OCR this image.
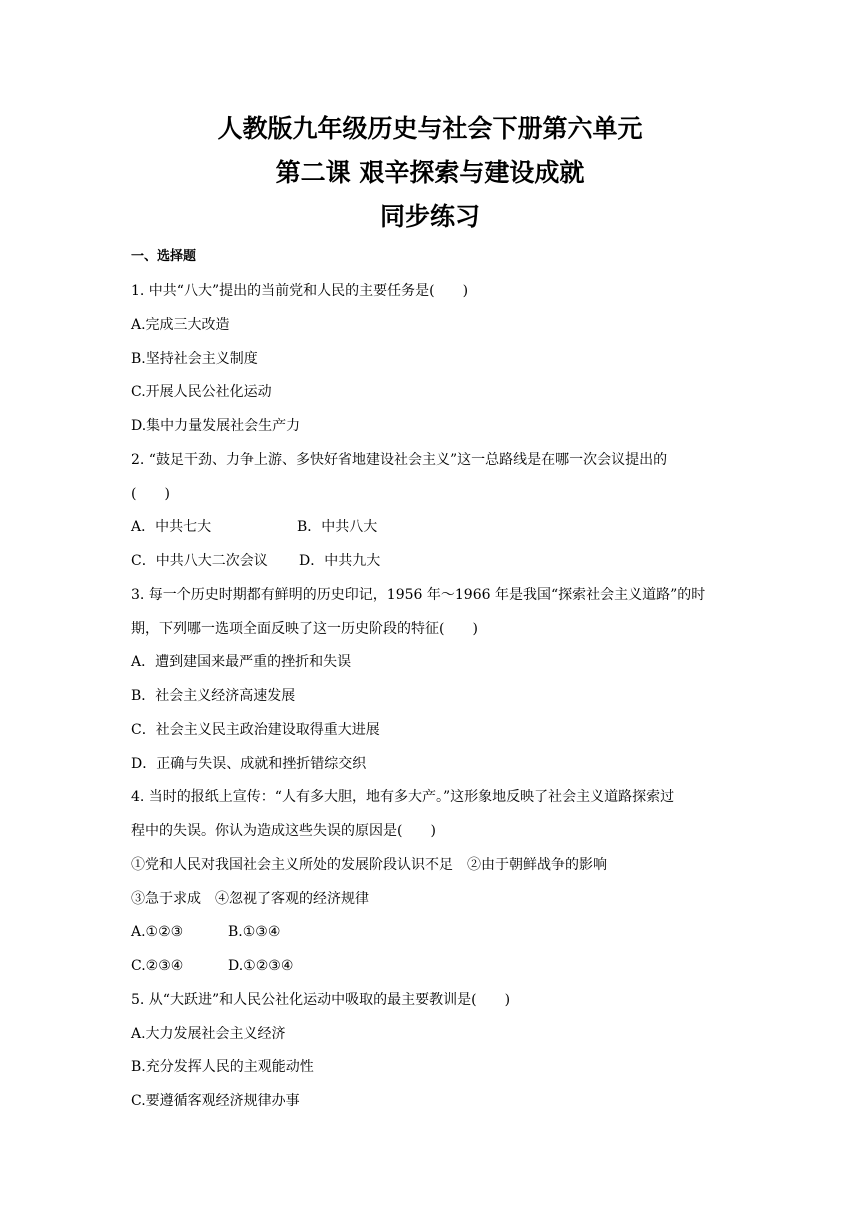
人教版九年级历史与社会下册第六单元
第二课 艰辛探索与建设成就
同步练习
一、选择题
1. 中共“八大”提出的当前党和人民的主要任务是(　　)
A.完成三大改造
B.坚持社会主义制度
C.开展人民公社化运动
D.集中力量发展社会生产力
2. “鼓足干劲、力争上游、多快好省地建设社会主义”这一总路线是在哪一次会议提出的
(　　)
A．中共七大	B．中共八大
C．中共八大二次会议 D．中共九大
3. 每一个历史时期都有鲜明的历史印记，1956 年～1966 年是我国“探索社会主义道路”的时
期，下列哪一选项全面反映了这一历史阶段的特征(　　)
A．遭到建国来最严重的挫折和失误
B．社会主义经济高速发展
C．社会主义民主政治建设取得重大进展
D．正确与失误、成就和挫折错综交织
4. 当时的报纸上宣传：“人有多大胆，地有多大产。”这形象地反映了社会主义道路探索过
程中的失误。你认为造成这些失误的原因是(　　)
①党和人民对我国社会主义所处的发展阶段认识不足　②由于朝鲜战争的影响
③急于求成　④忽视了客观的经济规律
A.①②③	B.①③④
C.②③④	D.①②③④
5. 从“大跃进”和人民公社化运动中吸取的最主要教训是(　　)
A.大力发展社会主义经济
B.充分发挥人民的主观能动性
C.要遵循客观经济规律办事
